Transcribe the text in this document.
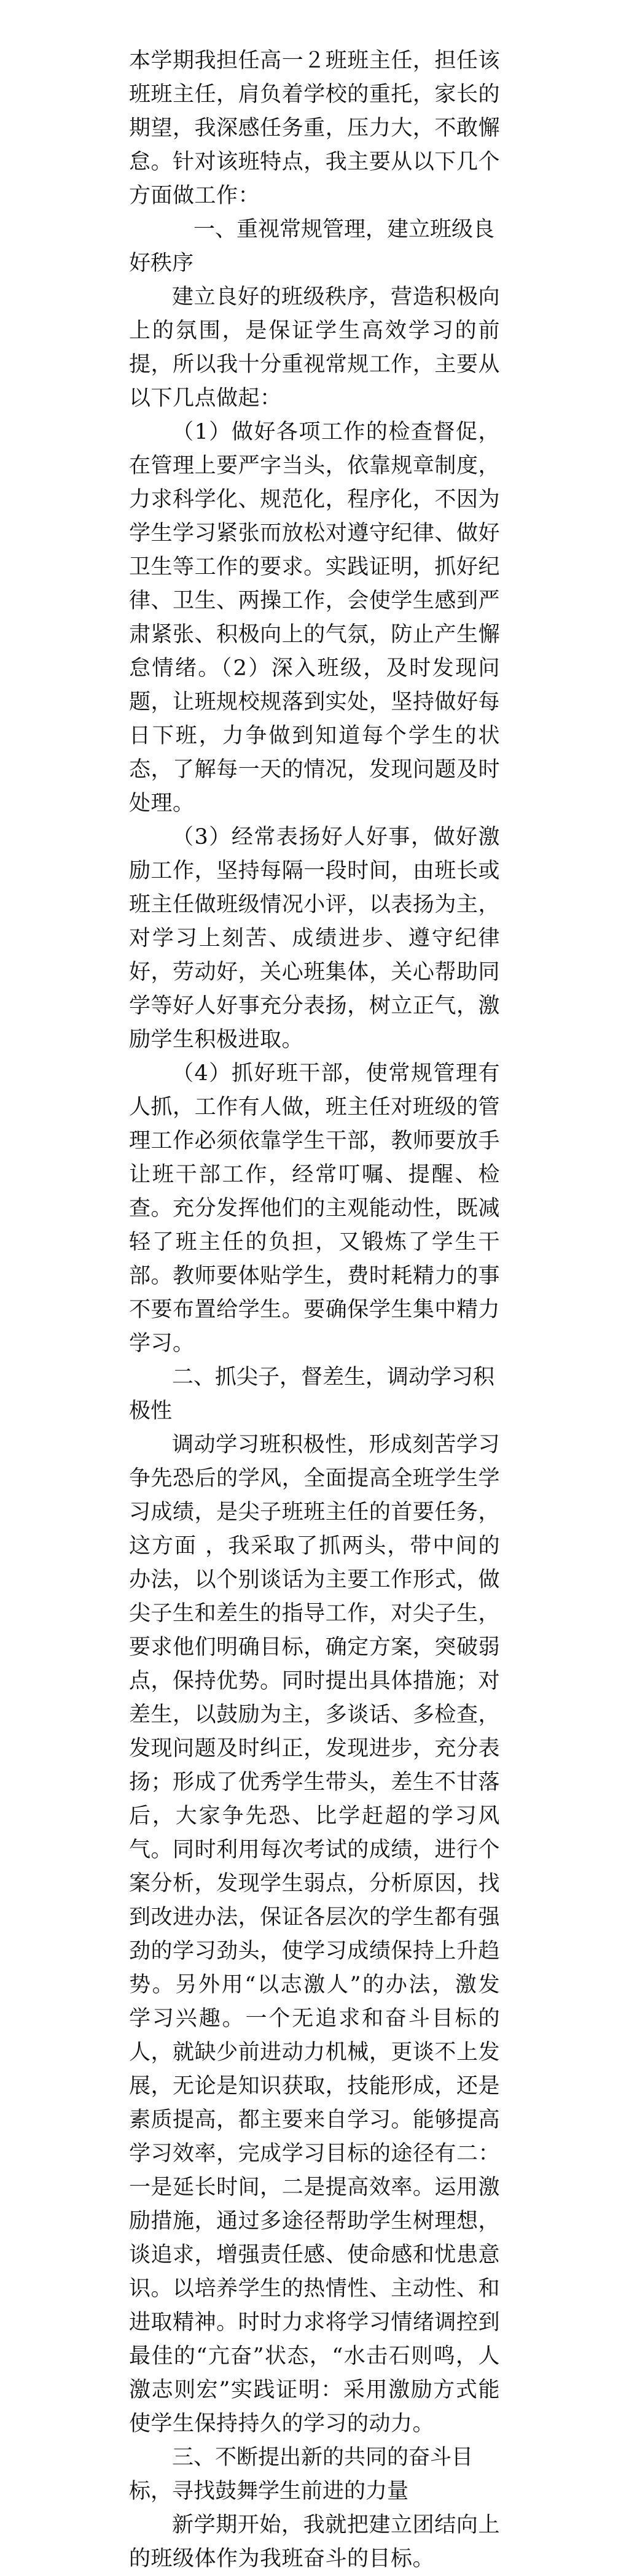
本学期我担任高一２班班主任，担任该班班主任，肩负着学校的重托，家长的期望，我深感任务重，压力大，不敢懈怠。针对该班特点，我主要从以下几个方面做工作：

一、重视常规管理，建立班级良好秩序

建立良好的班级秩序，营造积极向上的氛围，是保证学生高效学习的前提，所以我十分重视常规工作，主要从以下几点做起：

（1）做好各项工作的检查督促，在管理上要严字当头，依靠规章制度，力求科学化、规范化，程序化，不因为学生学习紧张而放松对遵守纪律、做好卫生等工作的要求。实践证明，抓好纪律、卫生、两操工作，会使学生感到严肃紧张、积极向上的气氛，防止产生懈怠情绪。（2）深入班级，及时发现问题，让班规校规落到实处，坚持做好每日下班，力争做到知道每个学生的状态，了解每一天的情况，发现问题及时处理。

（3）经常表扬好人好事，做好激励工作，坚持每隔一段时间，由班长或班主任做班级情况小评，以表扬为主，对学习上刻苦、成绩进步、遵守纪律好，劳动好，关心班集体，关心帮助同学等好人好事充分表扬，树立正气，激励学生积极进取。

（4）抓好班干部，使常规管理有人抓，工作有人做，班主任对班级的管理工作必须依靠学生干部，教师要放手让班干部工作，经常叮嘱、提醒、检查。充分发挥他们的主观能动性，既减轻了班主任的负担，又锻炼了学生干部。教师要体贴学生，费时耗精力的事不要布置给学生。要确保学生集中精力学习。

二、抓尖子，督差生，调动学习积极性

调动学习班积极性，形成刻苦学习争先恐后的学风，全面提高全班学生学习成绩，是尖子班班主任的首要任务，这方面 ，我采取了抓两头，带中间的办法，以个别谈话为主要工作形式，做尖子生和差生的指导工作，对尖子生，要求他们明确目标，确定方案，突破弱点，保持优势。同时提出具体措施；对差生，以鼓励为主，多谈话、多检查，发现问题及时纠正，发现进步，充分表扬；形成了优秀学生带头，差生不甘落后，大家争先恐、比学赶超的学习风气。同时利用每次考试的成绩，进行个案分析，发现学生弱点，分析原因，找到改进办法，保证各层次的学生都有强劲的学习劲头，使学习成绩保持上升趋势。另外用“以志激人”的办法，激发学习兴趣。一个无追求和奋斗目标的人，就缺少前进动力机械，更谈不上发展，无论是知识获取，技能形成，还是素质提高，都主要来自学习。能够提高学习效率，完成学习目标的途径有二：一是延长时间，二是提高效率。运用激励措施，通过多途径帮助学生树理想，谈追求，增强责任感、使命感和忧患意识。以培养学生的热情性、主动性、和进取精神。时时力求将学习情绪调控到最佳的“亢奋”状态，“水击石则鸣，人激志则宏”实践证明：采用激励方式能使学生保持持久的学习的动力。

三、不断提出新的共同的奋斗目标，寻找鼓舞学生前进的力量

新学期开始，我就把建立团结向上的班级体作为我班奋斗的目标。
